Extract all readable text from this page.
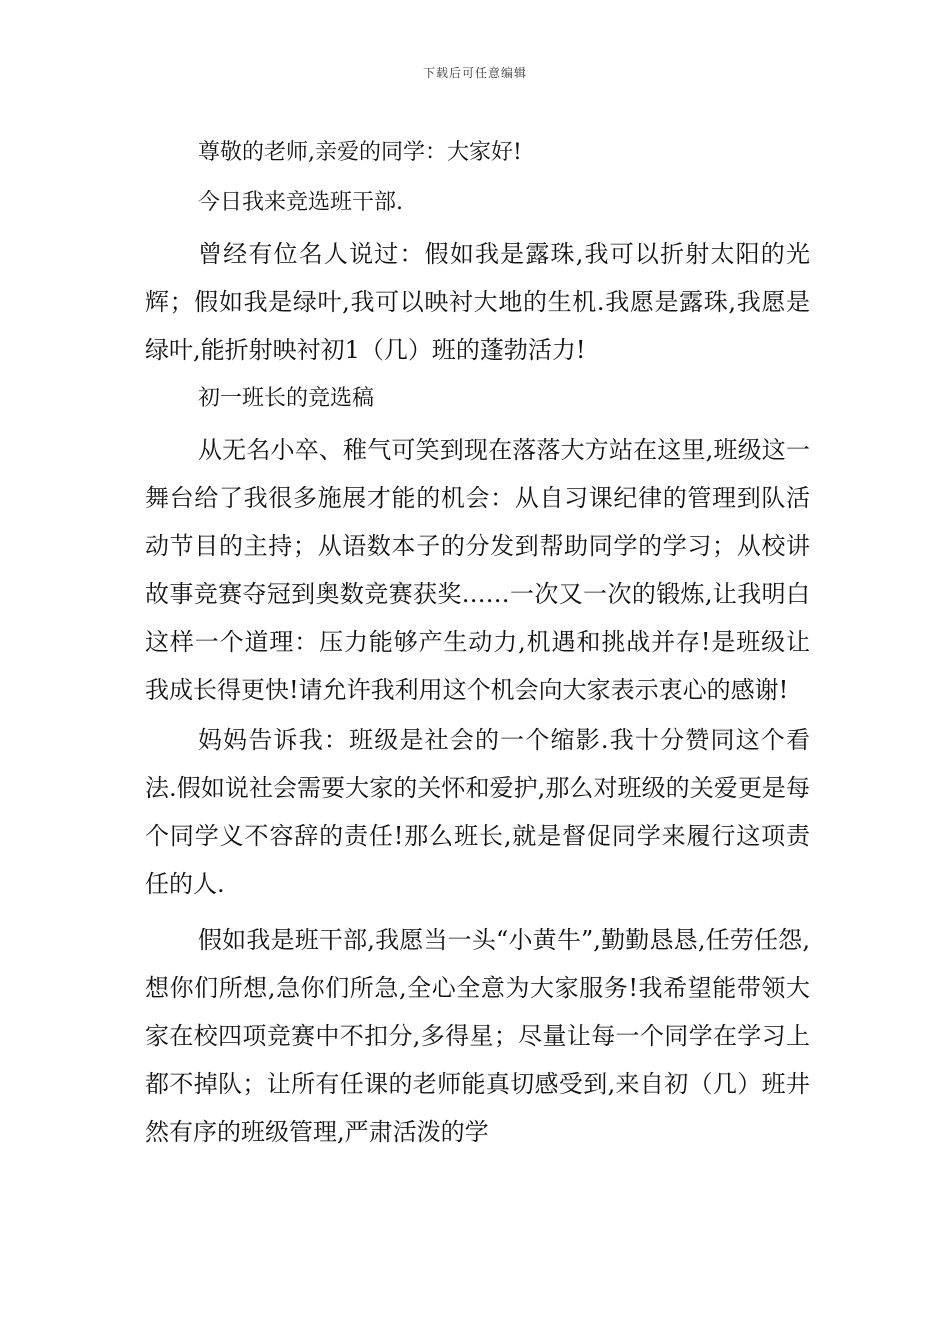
下载后可任意编辑

尊敬的老师,亲爱的同学：大家好!

今日我来竞选班干部.

曾经有位名人说过：假如我是露珠,我可以折射太阳的光辉；假如我是绿叶,我可以映衬大地的生机.我愿是露珠,我愿是绿叶,能折射映衬初1（几）班的蓬勃活力!

初一班长的竞选稿

从无名小卒、稚气可笑到现在落落大方站在这里,班级这一舞台给了我很多施展才能的机会：从自习课纪律的管理到队活动节目的主持；从语数本子的分发到帮助同学的学习；从校讲故事竞赛夺冠到奥数竞赛获奖……一次又一次的锻炼,让我明白这样一个道理：压力能够产生动力,机遇和挑战并存!是班级让我成长得更快!请允许我利用这个机会向大家表示衷心的感谢!

妈妈告诉我：班级是社会的一个缩影.我十分赞同这个看法.假如说社会需要大家的关怀和爱护,那么对班级的关爱更是每个同学义不容辞的责任!那么班长,就是督促同学来履行这项责任的人.

假如我是班干部,我愿当一头“小黄牛”,勤勤恳恳,任劳任怨,想你们所想,急你们所急,全心全意为大家服务!我希望能带领大家在校四项竞赛中不扣分,多得星；尽量让每一个同学在学习上都不掉队；让所有任课的老师能真切感受到,来自初（几）班井然有序的班级管理,严肃活泼的学
